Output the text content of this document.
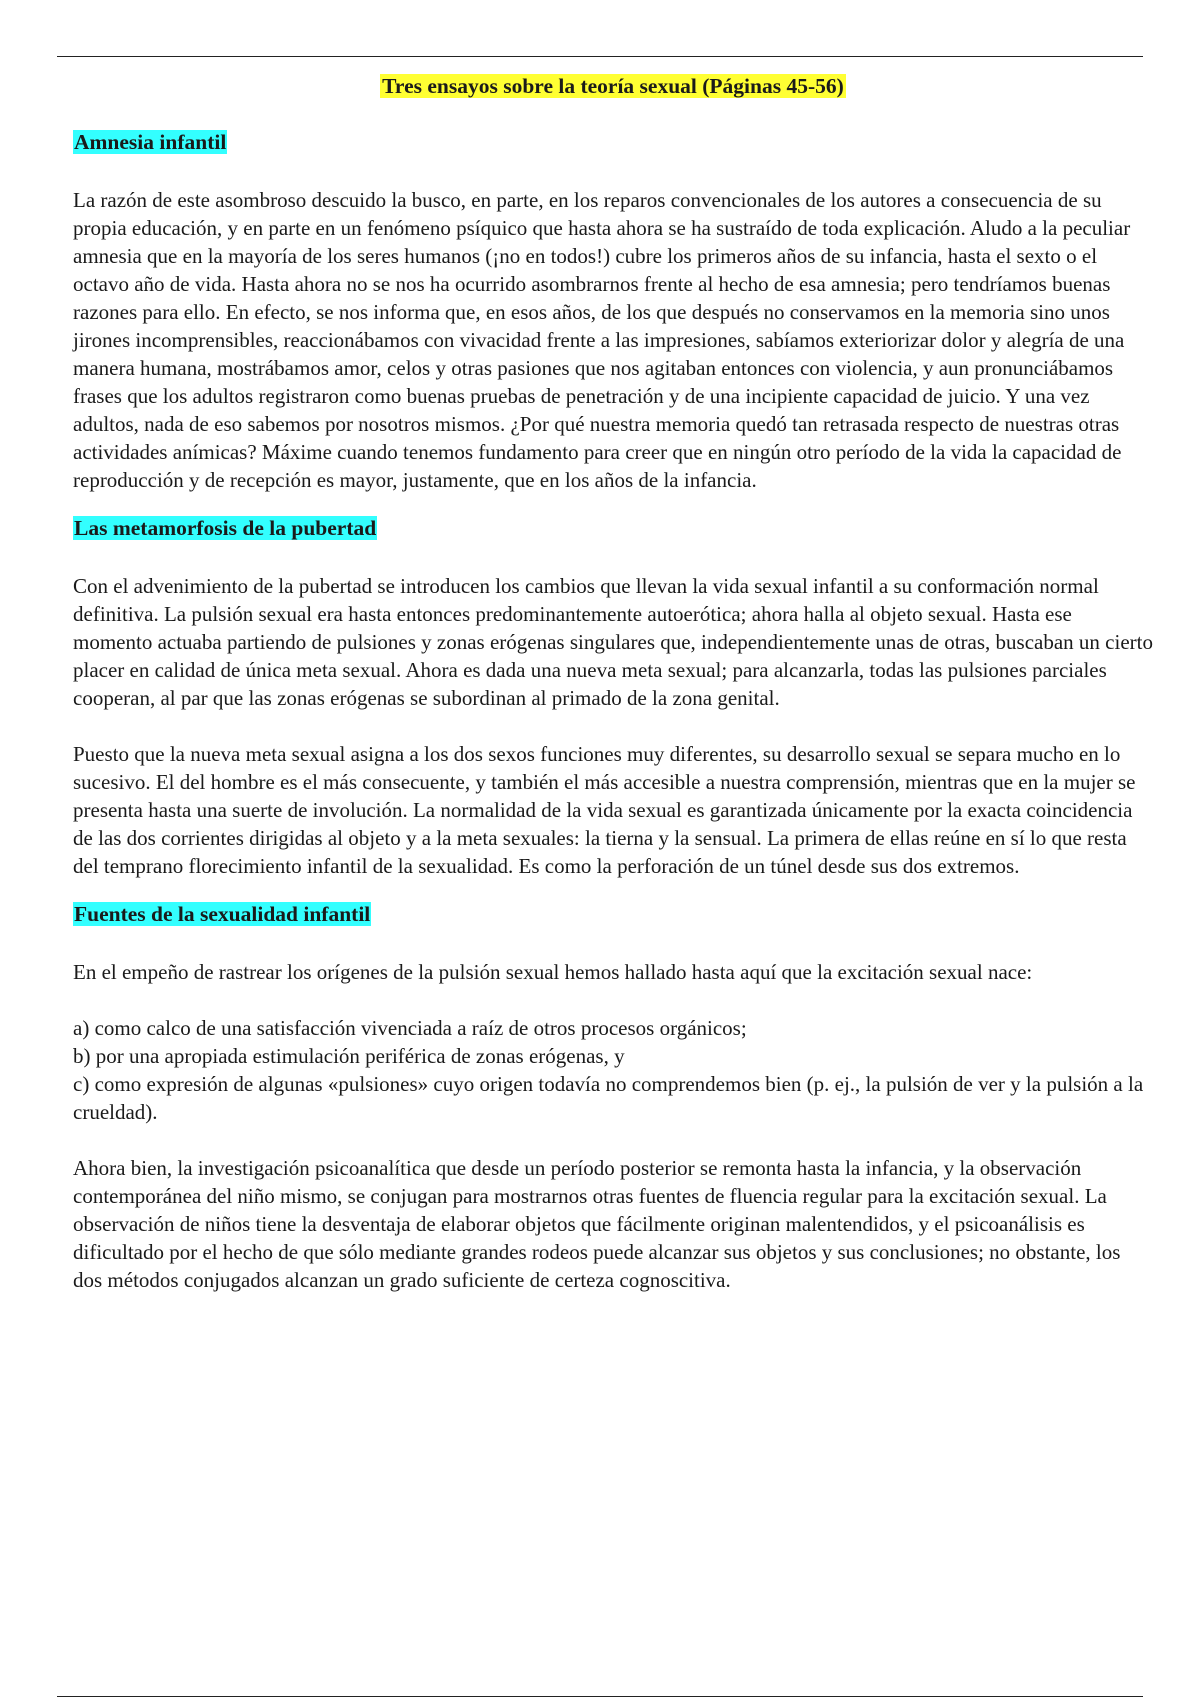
Tres ensayos sobre la teoría sexual (Páginas 45-56)
Amnesia infantil

La razón de este asombroso descuido la busco, en parte, en los reparos convencionales de los autores a consecuencia de su propia educación, y en parte en un fenómeno psíquico que hasta ahora se ha sustraído de toda explicación. Aludo a la peculiar amnesia que en la mayoría de los seres humanos (¡no en todos!) cubre los primeros años de su infancia, hasta el sexto o el octavo año de vida. Hasta ahora no se nos ha ocurrido asombrarnos frente al hecho de esa amnesia; pero tendríamos buenas razones para ello. En efecto, se nos informa que, en esos años, de los que después no conservamos en la memoria sino unos jirones incomprensibles, reaccionábamos con vivacidad frente a las impresiones, sabíamos exteriorizar dolor y alegría de una manera humana, mostrábamos amor, celos y otras pasiones que nos agitaban entonces con violencia, y aun pronunciábamos frases que los adultos registraron como buenas pruebas de penetración y de una incipiente capacidad de juicio. Y una vez adultos, nada de eso sabemos por nosotros mismos. ¿Por qué nuestra memoria quedó tan retrasada respecto de nuestras otras actividades anímicas? Máxime cuando tenemos fundamento para creer que en ningún otro período de la vida la capacidad de reproducción y de recepción es mayor, justamente, que en los años de la infancia.

Las metamorfosis de la pubertad

Con el advenimiento de la pubertad se introducen los cambios que llevan la vida sexual infantil a su conformación normal definitiva. La pulsión sexual era hasta entonces predominantemente autoerótica; ahora halla al objeto sexual. Hasta ese momento actuaba partiendo de pulsiones y zonas erógenas singulares que, independientemente unas de otras, buscaban un cierto placer en calidad de única meta sexual. Ahora es dada una nueva meta sexual; para alcanzarla, todas las pulsiones parciales cooperan, al par que las zonas erógenas se subordinan al primado de la zona genital.

Puesto que la nueva meta sexual asigna a los dos sexos funciones muy diferentes, su desarrollo sexual se separa mucho en lo sucesivo. El del hombre es el más consecuente, y también el más accesible a nuestra comprensión, mientras que en la mujer se presenta hasta una suerte de involución. La normalidad de la vida sexual es garantizada únicamente por la exacta coincidencia de las dos corrientes dirigidas al objeto y a la meta sexuales: la tierna y la sensual. La primera de ellas reúne en sí lo que resta del temprano florecimiento infantil de la sexualidad. Es como la perforación de un túnel desde sus dos extremos.

Fuentes de la sexualidad infantil

En el empeño de rastrear los orígenes de la pulsión sexual hemos hallado hasta aquí que la excitación sexual nace:

a) como calco de una satisfacción vivenciada a raíz de otros procesos orgánicos;
b) por una apropiada estimulación periférica de zonas erógenas, y
c) como expresión de algunas «pulsiones» cuyo origen todavía no comprendemos bien (p. ej., la pulsión de ver y la pulsión a la crueldad).

Ahora bien, la investigación psicoanalítica que desde un período posterior se remonta hasta la infancia, y la observación contemporánea del niño mismo, se conjugan para mostrarnos otras fuentes de fluencia regular para la excitación sexual. La observación de niños tiene la desventaja de elaborar objetos que fácilmente originan malentendidos, y el psicoanálisis es dificultado por el hecho de que sólo mediante grandes rodeos puede alcanzar sus objetos y sus conclusiones; no obstante, los dos métodos conjugados alcanzan un grado suficiente de certeza cognoscitiva.
